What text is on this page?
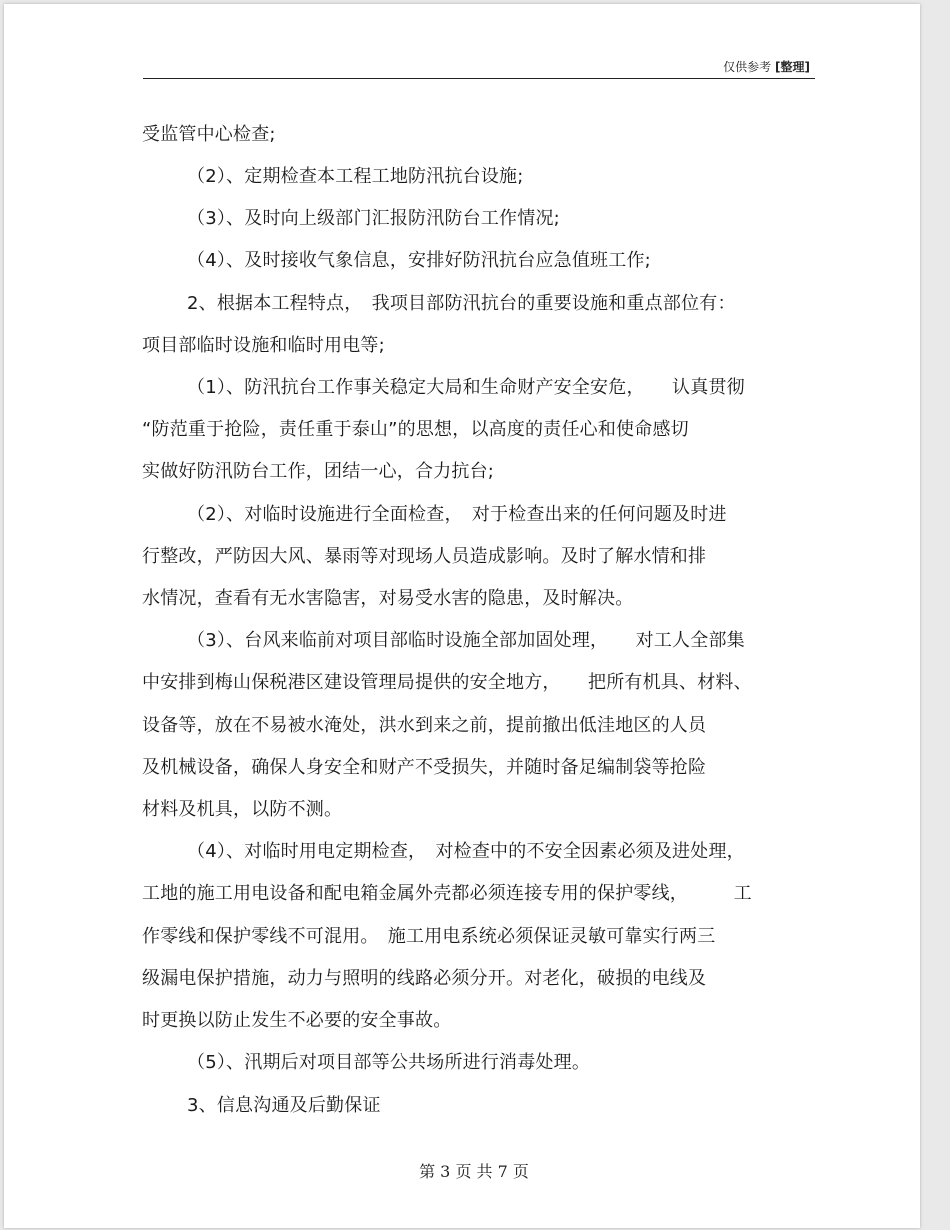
仅供参考 [整理]
受监管中心检查;
（2）、定期检查本工程工地防汛抗台设施;
（3）、及时向上级部门汇报防汛防台工作情况;
（4）、及时接收气象信息，安排好防汛抗台应急值班工作;
2、根据本工程特点，　我项目部防汛抗台的重要设施和重点部位有：
项目部临时设施和临时用电等;
（1）、防汛抗台工作事关稳定大局和生命财产安全安危，　　认真贯彻
“防范重于抢险，责任重于泰山”的思想，以高度的责任心和使命感切
实做好防汛防台工作，团结一心，合力抗台;
（2）、对临时设施进行全面检查，　对于检查出来的任何问题及时进
行整改，严防因大风、暴雨等对现场人员造成影响。及时了解水情和排
水情况，查看有无水害隐害，对易受水害的隐患，及时解决。
（3）、台风来临前对项目部临时设施全部加固处理，　　对工人全部集
中安排到梅山保税港区建设管理局提供的安全地方，　　把所有机具、材料、
设备等，放在不易被水淹处，洪水到来之前，提前撤出低洼地区的人员
及机械设备，确保人身安全和财产不受损失，并随时备足编制袋等抢险
材料及机具，以防不测。
（4）、对临时用电定期检查，　对检查中的不安全因素必须及进处理，
工地的施工用电设备和配电箱金属外壳都必须连接专用的保护零线，　　　工
作零线和保护零线不可混用。　施工用电系统必须保证灵敏可靠实行两三
级漏电保护措施，动力与照明的线路必须分开。对老化，破损的电线及
时更换以防止发生不必要的安全事故。
（5）、汛期后对项目部等公共场所进行消毒处理。
3、信息沟通及后勤保证
第 3 页 共 7 页
